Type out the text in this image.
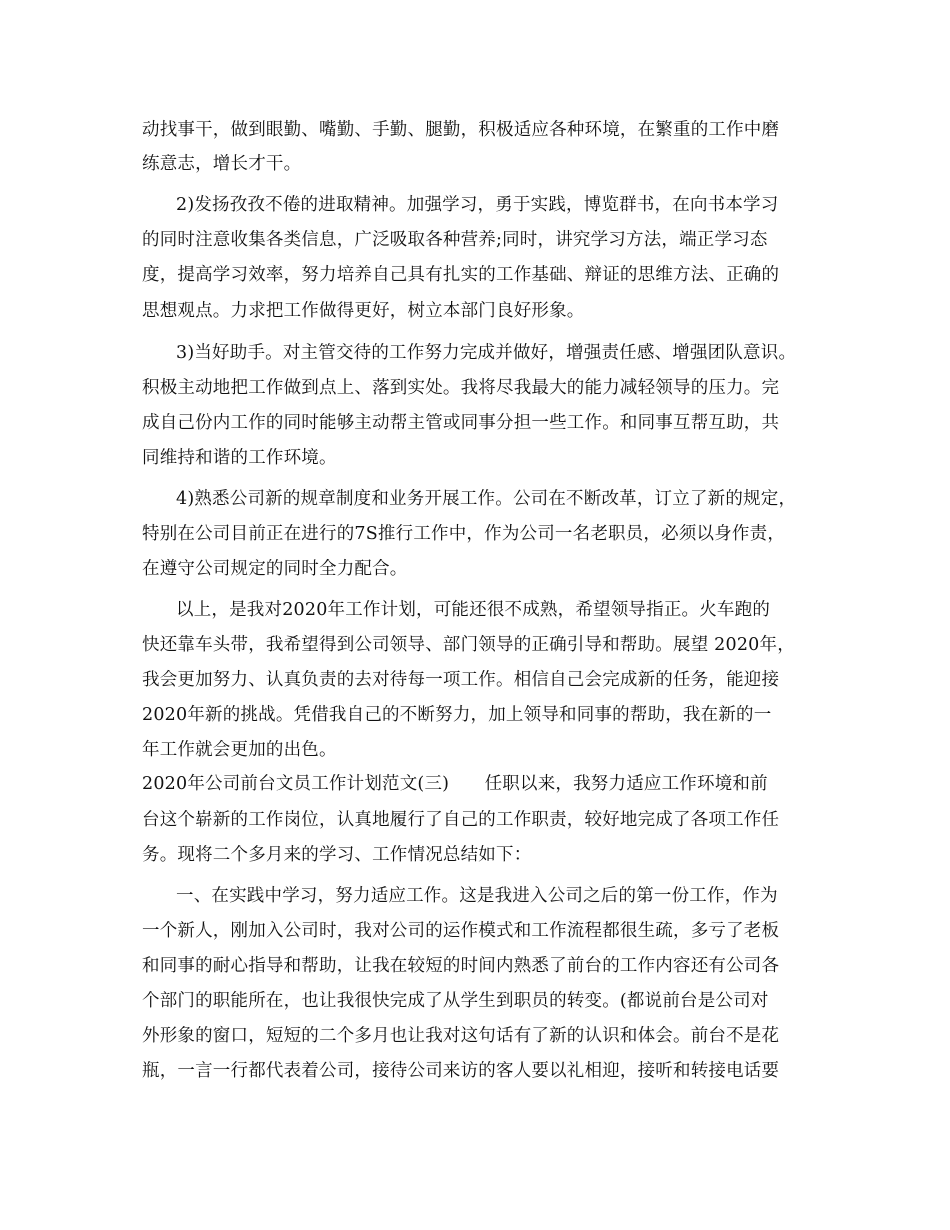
动找事干，做到眼勤、嘴勤、手勤、腿勤，积极适应各种环境，在繁重的工作中磨
练意志，增长才干。
2)发扬孜孜不倦的进取精神。加强学习，勇于实践，博览群书，在向书本学习
的同时注意收集各类信息，广泛吸取各种营养;同时，讲究学习方法，端正学习态
度，提高学习效率，努力培养自己具有扎实的工作基础、辩证的思维方法、正确的
思想观点。力求把工作做得更好，树立本部门良好形象。
3)当好助手。对主管交待的工作努力完成并做好，增强责任感、增强团队意识。
积极主动地把工作做到点上、落到实处。我将尽我最大的能力减轻领导的压力。完
成自己份内工作的同时能够主动帮主管或同事分担一些工作。和同事互帮互助，共
同维持和谐的工作环境。
4)熟悉公司新的规章制度和业务开展工作。公司在不断改革，订立了新的规定，
特别在公司目前正在进行的7S推行工作中，作为公司一名老职员，必须以身作责，
在遵守公司规定的同时全力配合。
以上，是我对2020年工作计划，可能还很不成熟，希望领导指正。火车跑的
快还靠车头带，我希望得到公司领导、部门领导的正确引导和帮助。展望 2020年，
我会更加努力、认真负责的去对待每一项工作。相信自己会完成新的任务，能迎接
2020年新的挑战。凭借我自己的不断努力，加上领导和同事的帮助，我在新的一
年工作就会更加的出色。
2020年公司前台文员工作计划范文(三)　　任职以来，我努力适应工作环境和前
台这个崭新的工作岗位，认真地履行了自己的工作职责，较好地完成了各项工作任
务。现将二个多月来的学习、工作情况总结如下：
一、在实践中学习，努力适应工作。这是我进入公司之后的第一份工作，作为
一个新人，刚加入公司时，我对公司的运作模式和工作流程都很生疏，多亏了老板
和同事的耐心指导和帮助，让我在较短的时间内熟悉了前台的工作内容还有公司各
个部门的职能所在，也让我很快完成了从学生到职员的转变。(都说前台是公司对
外形象的窗口，短短的二个多月也让我对这句话有了新的认识和体会。前台不是花
瓶，一言一行都代表着公司，接待公司来访的客人要以礼相迎，接听和转接电话要
